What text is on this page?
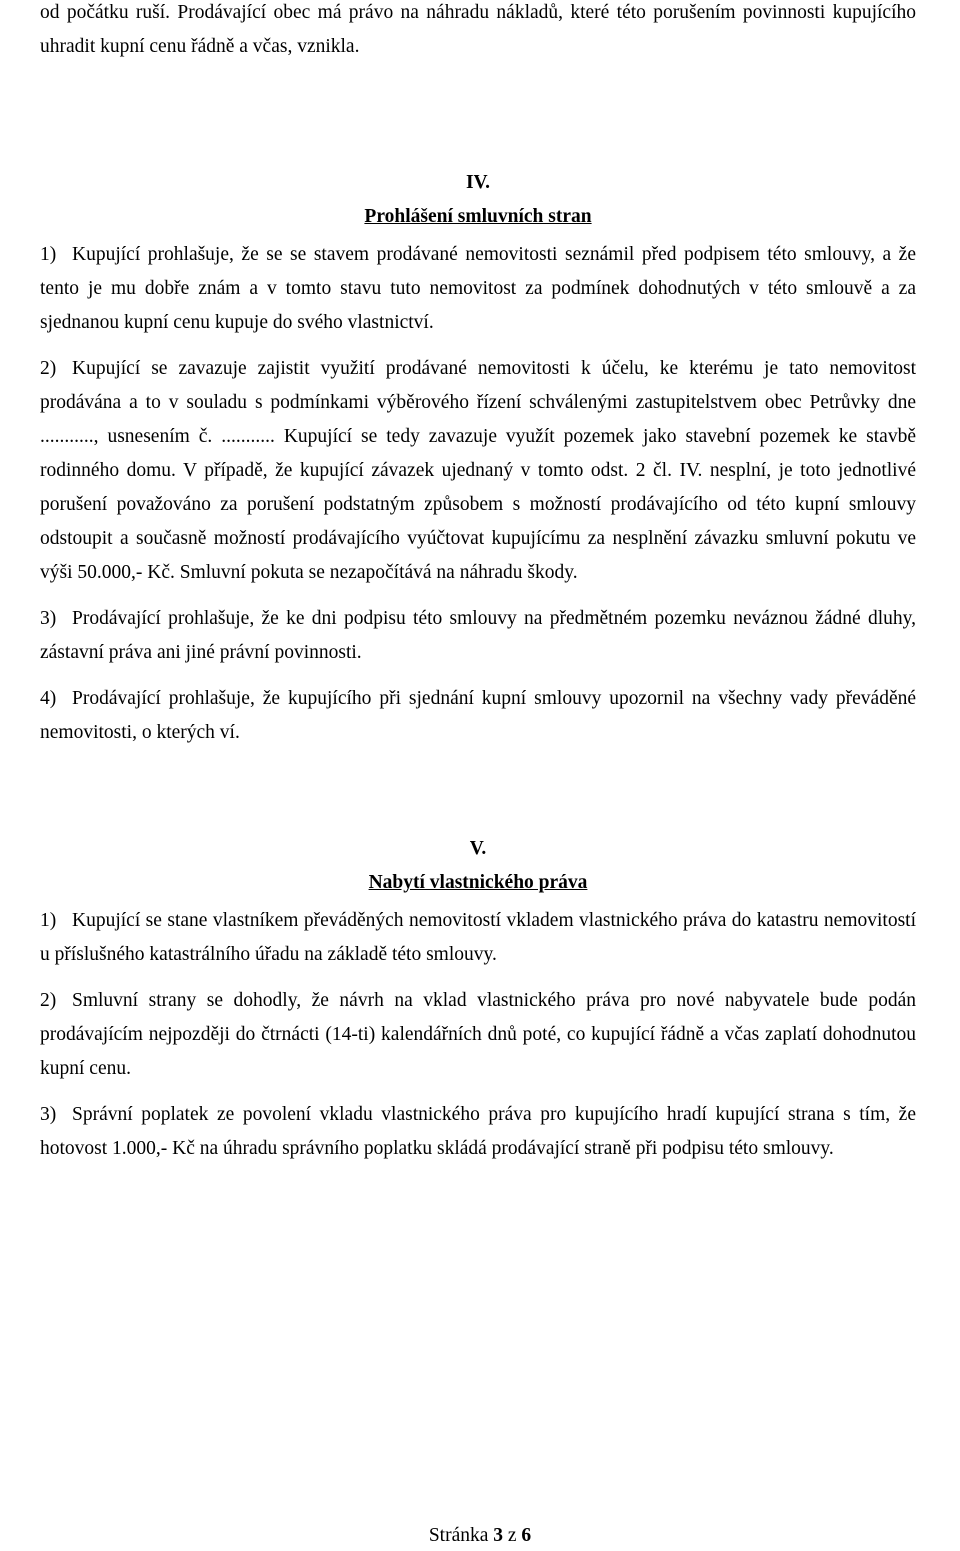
od počátku ruší. Prodávající obec má právo na náhradu nákladů, které této porušením povinnosti kupujícího uhradit kupní cenu řádně a včas, vznikla.

IV.

Prohlášení smluvních stran

1) Kupující prohlašuje, že se se stavem prodávané nemovitosti seznámil před podpisem této smlouvy, a že tento je mu dobře znám a v tomto stavu tuto nemovitost za podmínek dohodnutých v této smlouvě a za sjednanou kupní cenu kupuje do svého vlastnictví.

2) Kupující se zavazuje zajistit využití prodávané nemovitosti k účelu, ke kterému je tato nemovitost prodávána a to v souladu s podmínkami výběrového řízení schválenými zastupitelstvem obec Petrůvky dne ..........., usnesením č. ........... Kupující se tedy zavazuje využít pozemek jako stavební pozemek ke stavbě rodinného domu. V případě, že kupující závazek ujednaný v tomto odst. 2 čl. IV. nesplní, je toto jednotlivé porušení považováno za porušení podstatným způsobem s možností prodávajícího od této kupní smlouvy odstoupit a současně možností prodávajícího vyúčtovat kupujícímu za nesplnění závazku smluvní pokutu ve výši 50.000,- Kč. Smluvní pokuta se nezapočítává na náhradu škody.

3) Prodávající prohlašuje, že ke dni podpisu této smlouvy na předmětném pozemku neváznou žádné dluhy, zástavní práva ani jiné právní povinnosti.

4) Prodávající prohlašuje, že kupujícího při sjednání kupní smlouvy upozornil na všechny vady převáděné nemovitosti, o kterých ví.

V.

Nabytí vlastnického práva

1) Kupující se stane vlastníkem převáděných nemovitostí vkladem vlastnického práva do katastru nemovitostí u příslušného katastrálního úřadu na základě této smlouvy.

2) Smluvní strany se dohodly, že návrh na vklad vlastnického práva pro nové nabyvatele bude podán prodávajícím nejpozději do čtrnácti (14-ti) kalendářních dnů poté, co kupující řádně a včas zaplatí dohodnutou kupní cenu.

3) Správní poplatek ze povolení vkladu vlastnického práva pro kupujícího hradí kupující strana s tím, že hotovost 1.000,- Kč na úhradu správního poplatku skládá prodávající straně při podpisu této smlouvy.

Stránka 3 z 6
